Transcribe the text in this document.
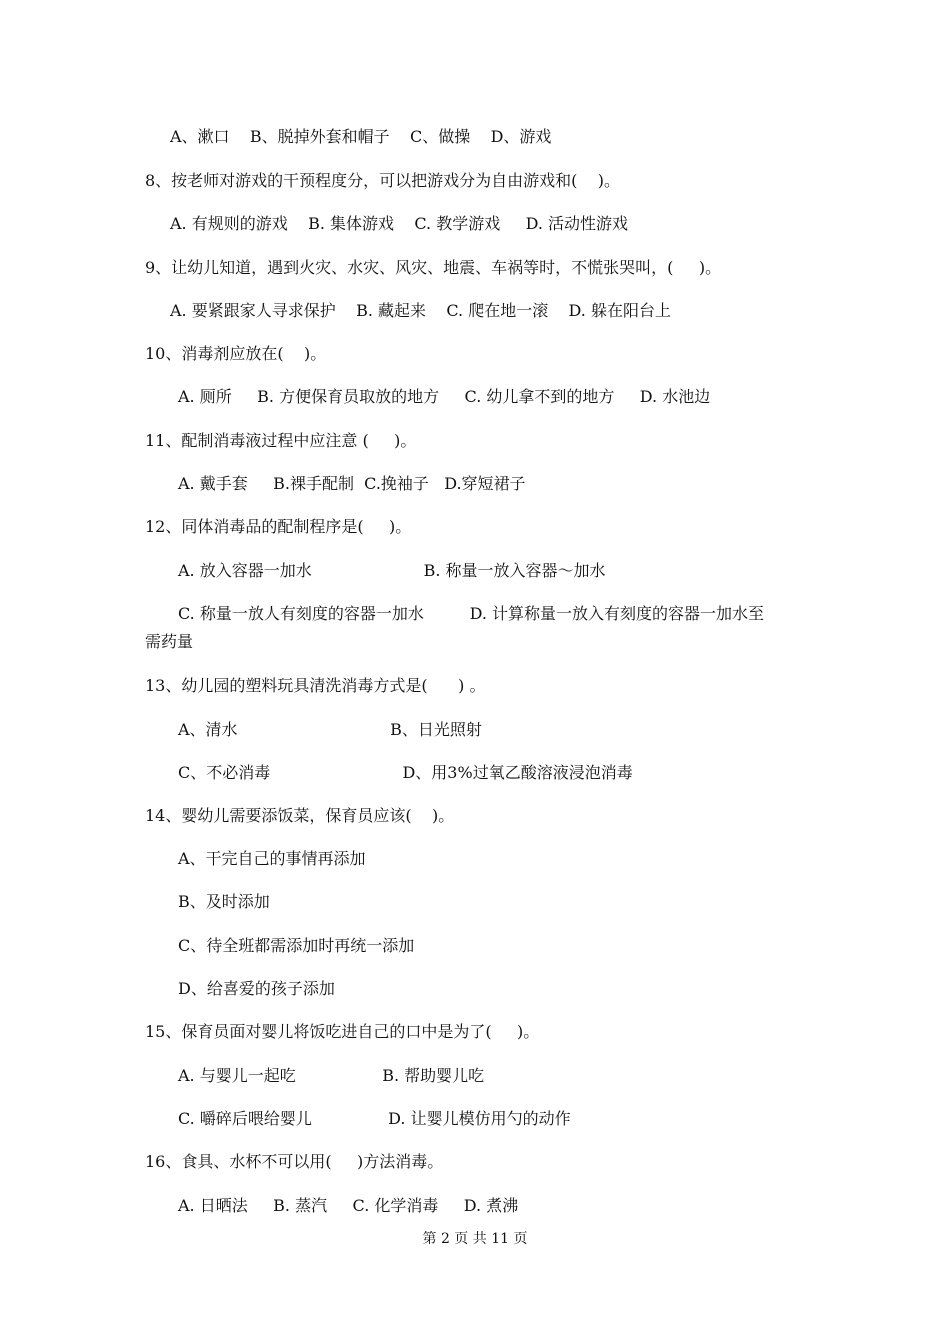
A、漱口    B、脱掉外套和帽子    C、做操    D、游戏
8、按老师对游戏的干预程度分，可以把游戏分为自由游戏和(    )。
A. 有规则的游戏    B. 集体游戏    C. 教学游戏     D. 活动性游戏
9、让幼儿知道，遇到火灾、水灾、风灾、地震、车祸等时，不慌张哭叫，(     )。
A. 要紧跟家人寻求保护    B. 藏起来    C. 爬在地一滚    D. 躲在阳台上
10、消毒剂应放在(    )。
A. 厕所     B. 方便保育员取放的地方     C. 幼儿拿不到的地方     D. 水池边
11、配制消毒液过程中应注意 (     )。
A. 戴手套     B.裸手配制  C.挽袖子   D.穿短裙子
12、同体消毒品的配制程序是(     )。
A. 放入容器一加水                      B. 称量一放入容器～加水
C. 称量一放人有刻度的容器一加水         D. 计算称量一放入有刻度的容器一加水至
需药量
13、幼儿园的塑料玩具清洗消毒方式是(      ) 。
A、清水                              B、日光照射
C、不必消毒                          D、用3%过氧乙酸溶液浸泡消毒
14、婴幼儿需要添饭菜，保育员应该(    )。
A、干完自己的事情再添加
B、及时添加
C、待全班都需添加时再统一添加
D、给喜爱的孩子添加
15、保育员面对婴儿将饭吃进自己的口中是为了(     )。
A. 与婴儿一起吃                 B. 帮助婴儿吃
C. 嚼碎后喂给婴儿               D. 让婴儿模仿用勺的动作
16、食具、水杯不可以用(     )方法消毒。
A. 日晒法     B. 蒸汽     C. 化学消毒     D. 煮沸
第 2 页 共 11 页
